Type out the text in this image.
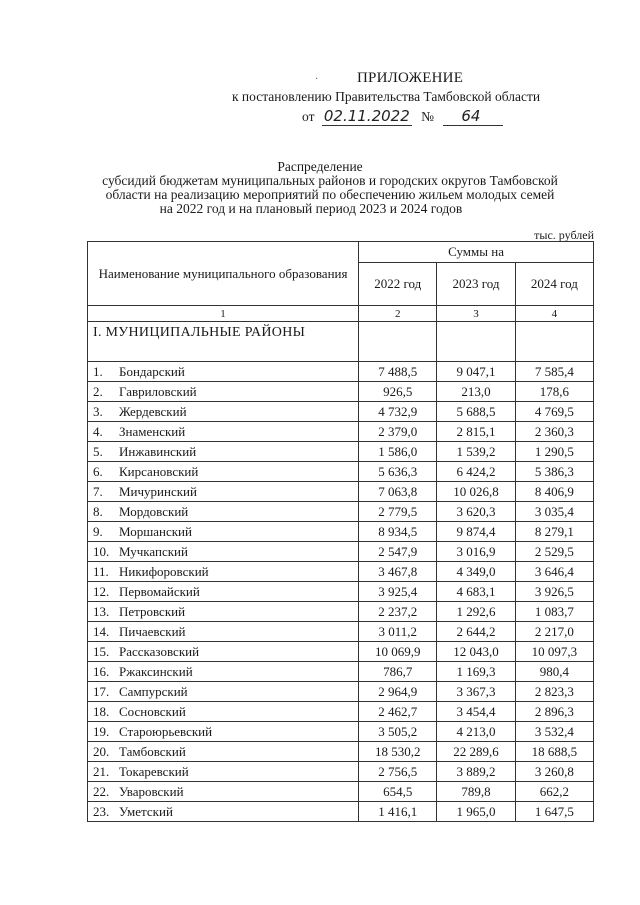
·	ПРИЛОЖЕНИЕ
к постановлению Правительства Тамбовской области
от 02.11.2022 № 64
Распределение
субсидий бюджетам муниципальных районов и городских округов Тамбовской
области на реализацию мероприятий по обеспечению жильем молодых семей
на 2022 год и на плановый период 2023 и 2024 годов
тыс. рублей
Наименование муниципального образования	Суммы на		
	2022 год	2023 год	2024 год
1	2	3	4
I. МУНИЦИПАЛЬНЫЕ РАЙОНЫ			
1. Бондарский	7 488,5	9 047,1	7 585,4
2. Гавриловский	926,5	213,0	178,6
3. Жердевский	4 732,9	5 688,5	4 769,5
4. Знаменский	2 379,0	2 815,1	2 360,3
5. Инжавинский	1 586,0	1 539,2	1 290,5
6. Кирсановский	5 636,3	6 424,2	5 386,3
7. Мичуринский	7 063,8	10 026,8	8 406,9
8. Мордовский	2 779,5	3 620,3	3 035,4
9. Моршанский	8 934,5	9 874,4	8 279,1
10. Мучкапский	2 547,9	3 016,9	2 529,5
11. Никифоровский	3 467,8	4 349,0	3 646,4
12. Первомайский	3 925,4	4 683,1	3 926,5
13. Петровский	2 237,2	1 292,6	1 083,7
14. Пичаевский	3 011,2	2 644,2	2 217,0
15. Рассказовский	10 069,9	12 043,0	10 097,3
16. Ржаксинский	786,7	1 169,3	980,4
17. Сампурский	2 964,9	3 367,3	2 823,3
18. Сосновский	2 462,7	3 454,4	2 896,3
19. Староюрьевский	3 505,2	4 213,0	3 532,4
20. Тамбовский	18 530,2	22 289,6	18 688,5
21. Токаревский	2 756,5	3 889,2	3 260,8
22. Уваровский	654,5	789,8	662,2
23. Уметский	1 416,1	1 965,0	1 647,5
